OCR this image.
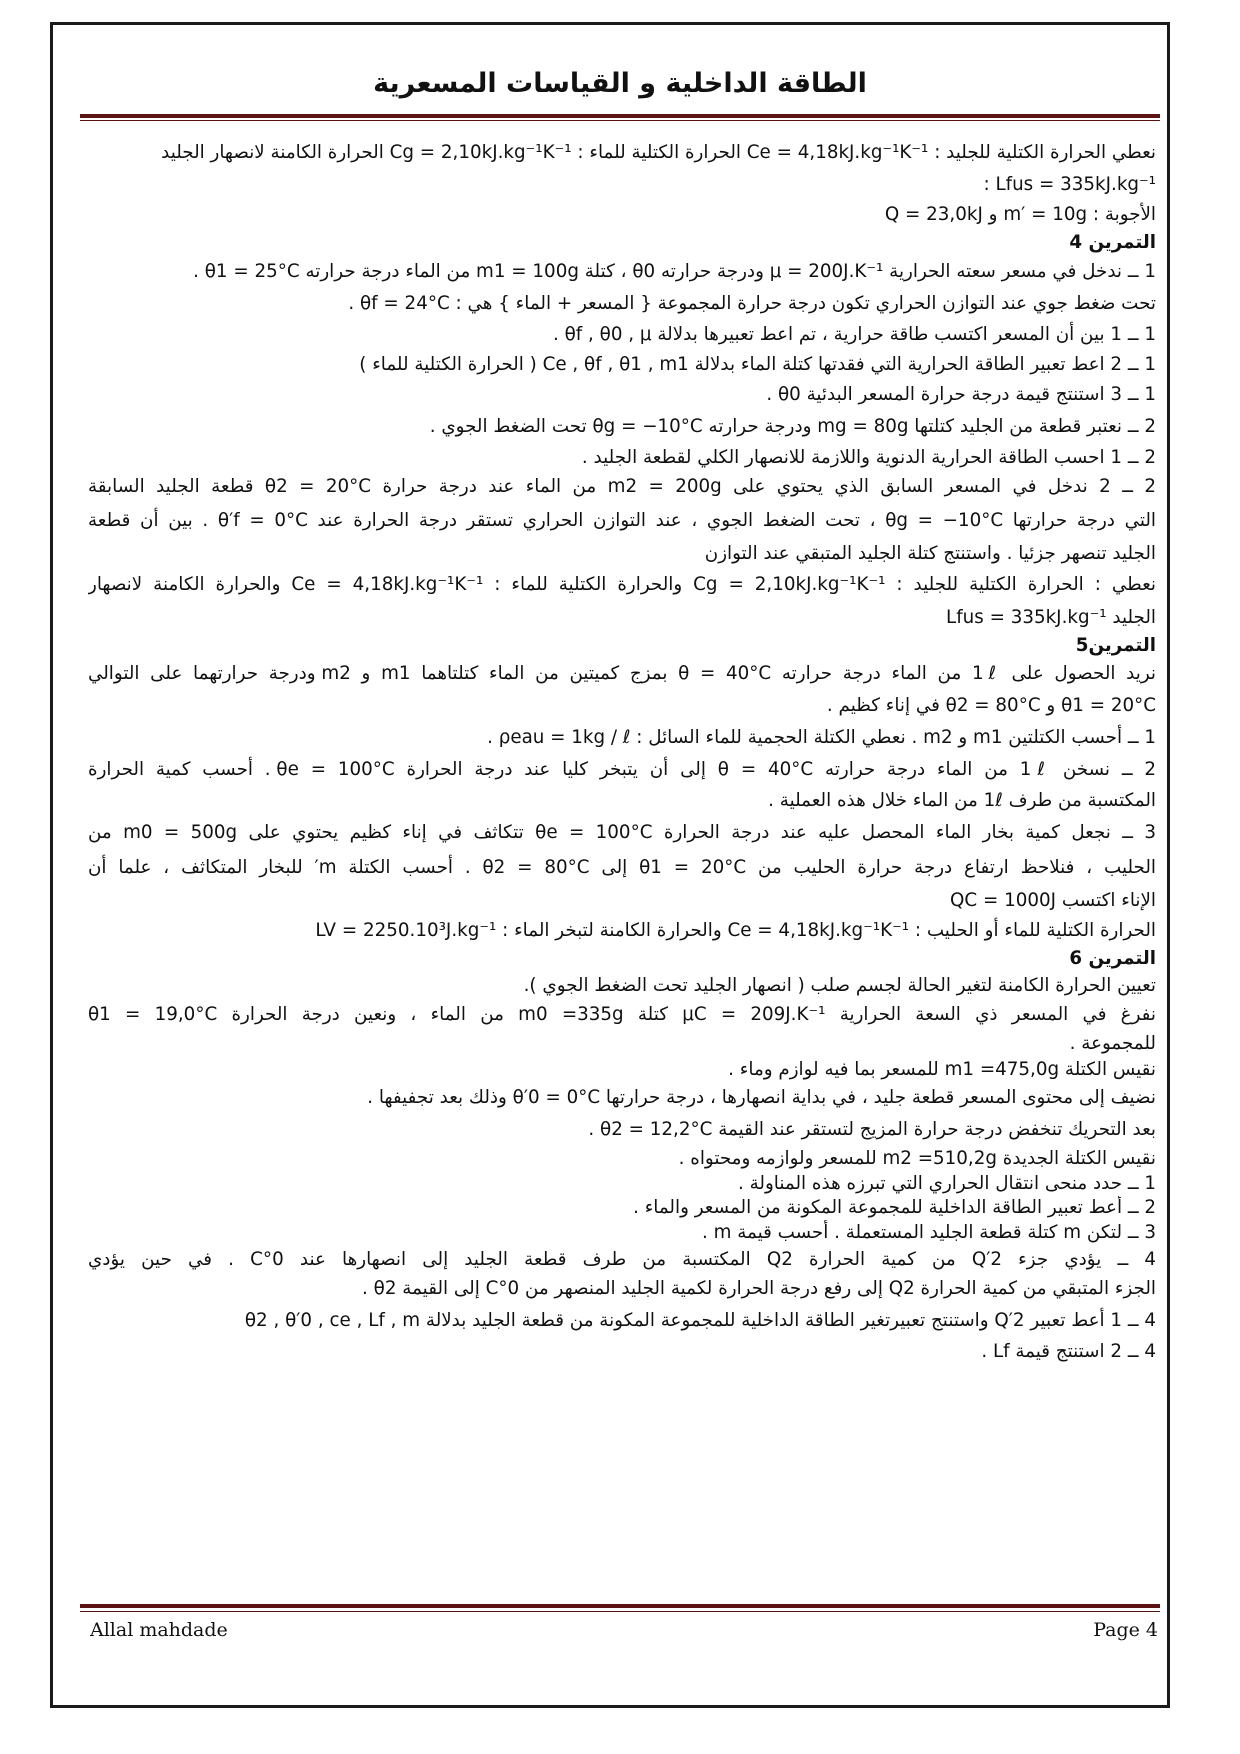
الطاقة الداخلية و القياسات المسعرية
نعطي الحرارة الكتلية للجليد : Ce = 4,18kJ.kg⁻¹K⁻¹ الحرارة الكتلية للماء : Cg = 2,10kJ.kg⁻¹K⁻¹ الحرارة الكامنة لانصهار الجليد
Lfus = 335kJ.kg⁻¹ :
الأجوبة : m′ = 10g و Q = 23,0kJ
التمرين 4
1 ــ ندخل في مسعر سعته الحرارية μ = 200J.K⁻¹ ودرجة حرارته θ0 ، كتلة m1 = 100g من الماء درجة حرارته θ1 = 25°C .
تحت ضغط جوي عند التوازن الحراري تكون درجة حرارة المجموعة { المسعر + الماء } هي : θf = 24°C .
1 ــ 1 بين أن المسعر اكتسب طاقة حرارية ، تم اعط تعبيرها بدلالة θf , θ0 , μ .
1 ــ 2 اعط تعبير الطاقة الحرارية التي فقدتها كتلة الماء بدلالة Ce , θf , θ1 , m1 ( الحرارة الكتلية للماء )
1 ــ 3 استنتج قيمة درجة حرارة المسعر البدئية θ0 .
2 ــ نعتبر قطعة من الجليد كتلتها mg = 80g ودرجة حرارته θg = −10°C تحت الضغط الجوي .
2 ــ 1 احسب الطاقة الحرارية الدنوية واللازمة للانصهار الكلي لقطعة الجليد .
2 ــ 2 ندخل في المسعر السابق الذي يحتوي على m2 = 200g من الماء عند درجة حرارة θ2 = 20°C قطعة الجليد السابقة
التي درجة حرارتها θg = −10°C ، تحت الضغط الجوي ، عند التوازن الحراري تستقر درجة الحرارة عند θ′f = 0°C . بين أن قطعة
الجليد تنصهر جزئيا . واستنتج كتلة الجليد المتبقي عند التوازن
نعطي : الحرارة الكتلية للجليد : Cg = 2,10kJ.kg⁻¹K⁻¹ والحرارة الكتلية للماء : Ce = 4,18kJ.kg⁻¹K⁻¹ والحرارة الكامنة لانصهار
الجليد Lfus = 335kJ.kg⁻¹
التمرين5
نريد الحصول على 1ℓ من الماء درجة حرارته θ = 40°C بمزج كميتين من الماء كتلتاهما m1 و m2 ودرجة حرارتهما على التوالي
θ1 = 20°C و θ2 = 80°C في إناء كظيم .
1 ــ أحسب الكتلتين m1 و m2 . نعطي الكتلة الحجمية للماء السائل : ρeau = 1kg / ℓ .
2 ــ نسخن 1ℓ من الماء درجة حرارته θ = 40°C إلى أن يتبخر كليا عند درجة الحرارة θe = 100°C . أحسب كمية الحرارة
المكتسبة من طرف 1ℓ من الماء خلال هذه العملية .
3 ــ نجعل كمية بخار الماء المحصل عليه عند درجة الحرارة θe = 100°C تتكاثف في إناء كظيم يحتوي على m0 = 500g من
الحليب ، فنلاحظ ارتفاع درجة حرارة الحليب من θ1 = 20°C إلى θ2 = 80°C . أحسب الكتلة m′ للبخار المتكاثف ، علما أن
الإناء اكتسب QC = 1000J
الحرارة الكتلية للماء أو الحليب : Ce = 4,18kJ.kg⁻¹K⁻¹ والحرارة الكامنة لتبخر الماء : LV = 2250.10³J.kg⁻¹
التمرين 6
تعيين الحرارة الكامنة لتغير الحالة لجسم صلب ( انصهار الجليد تحت الضغط الجوي ).
نفرغ في المسعر ذي السعة الحرارية μC = 209J.K⁻¹ كتلة m0 =335g من الماء ، ونعين درجة الحرارة θ1 = 19,0°C
للمجموعة .
نقيس الكتلة m1 =475,0g للمسعر بما فيه لوازم وماء .
نضيف إلى محتوى المسعر قطعة جليد ، في بداية انصهارها ، درجة حرارتها θ′0 = 0°C وذلك بعد تجفيفها .
بعد التحريك تنخفض درجة حرارة المزيج لتستقر عند القيمة θ2 = 12,2°C .
نقيس الكتلة الجديدة m2 =510,2g للمسعر ولوازمه ومحتواه .
1 ــ حدد منحى انتقال الحراري التي تبرزه هذه المناولة .
2 ــ أعط تعبير الطاقة الداخلية للمجموعة المكونة من المسعر والماء .
3 ــ لتكن m كتلة قطعة الجليد المستعملة . أحسب قيمة m .
4 ــ يؤدي جزء Q′2 من كمية الحرارة Q2 المكتسبة من طرف قطعة الجليد إلى انصهارها عند 0°C . في حين يؤدي
الجزء المتبقي من كمية الحرارة Q2 إلى رفع درجة الحرارة لكمية الجليد المنصهر من 0°C إلى القيمة θ2 .
4 ــ 1 أعط تعبير Q′2 واستنتج تعبيرتغير الطاقة الداخلية للمجموعة المكونة من قطعة الجليد بدلالة θ2 , θ′0 , ce , Lf , m
4 ــ 2 استنتج قيمة Lf .
Allal mahdade	Page 4
